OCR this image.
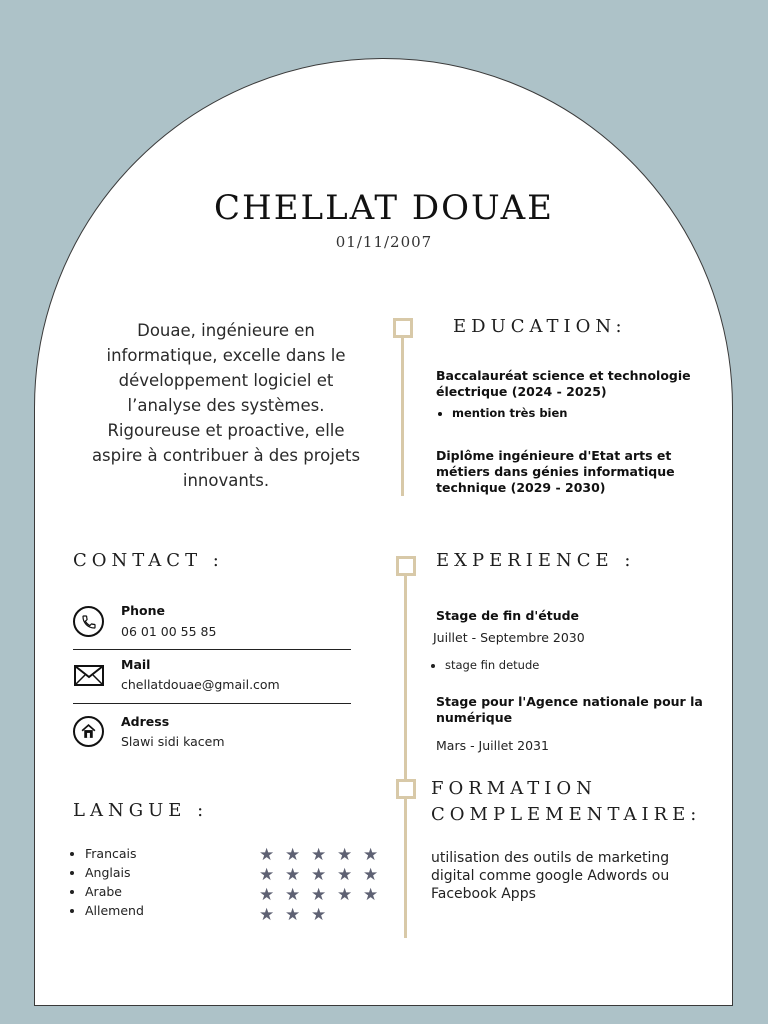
CHELLAT DOUAE
01/11/2007
Douae, ingénieure en informatique, excelle dans le développement logiciel et l’analyse des systèmes. Rigoureuse et proactive, elle aspire à contribuer à des projets innovants.
EDUCATION:
Baccalauréat science et technologie électrique (2024 - 2025)
• mention très bien
Diplôme ingénieure d'Etat arts et métiers dans génies informatique technique (2029 - 2030)
CONTACT :
Phone
06 01 00 55 85
Mail
chellatdouae@gmail.com
Adress
Slawi sidi kacem
EXPERIENCE :
Stage de fin d'étude
Juillet - Septembre 2030
• stage fin detude
Stage pour l'Agence nationale pour la numérique
Mars - Juillet 2031
FORMATION
COMPLEMENTAIRE:
utilisation des outils de marketing digital comme google Adwords ou Facebook Apps
LANGUE :
• Francais
• Anglais
• Arabe
• Allemend
★ ★ ★ ★ ★
★ ★ ★ ★ ★
★ ★ ★ ★ ★
★ ★ ★
